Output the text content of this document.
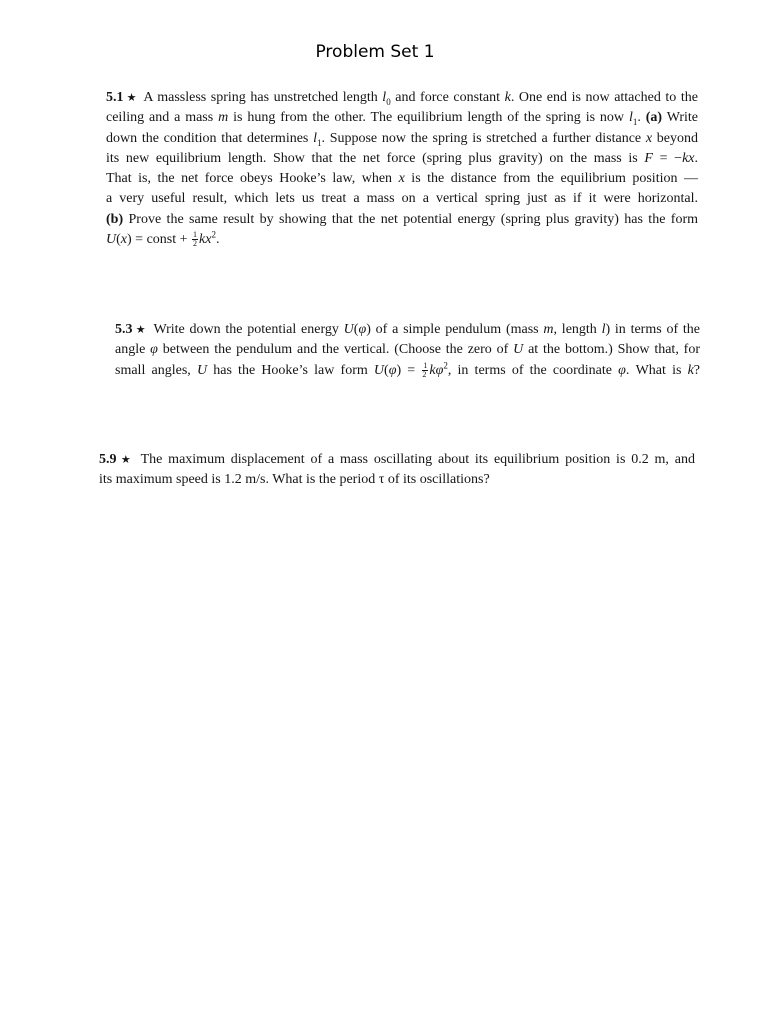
Problem Set 1
5.1 ★ A massless spring has unstretched length $l_0$ and force constant k. One end is now attached to the
ceiling and a mass m is hung from the other. The equilibrium length of the spring is now $l_1$. (a) Write
down the condition that determines $l_1$. Suppose now the spring is stretched a further distance x beyond
its new equilibrium length. Show that the net force (spring plus gravity) on the mass is F = −kx.
That is, the net force obeys Hooke’s law, when x is the distance from the equilibrium position —
a very useful result, which lets us treat a mass on a vertical spring just as if it were horizontal.
(b) Prove the same result by showing that the net potential energy (spring plus gravity) has the form
U(x) = const + $\frac{1}{2} kx^2$.
5.3 ★ Write down the potential energy U(φ) of a simple pendulum (mass m, length l) in terms of the
angle φ between the pendulum and the vertical. (Choose the zero of U at the bottom.) Show that, for
small angles, U has the Hooke’s law form $U(\varphi) = \frac{1}{2} k\varphi^2$, in terms of the coordinate φ. What is k?
5.9 ★ The maximum displacement of a mass oscillating about its equilibrium position is 0.2 m, and
its maximum speed is 1.2 m/s. What is the period τ of its oscillations?
